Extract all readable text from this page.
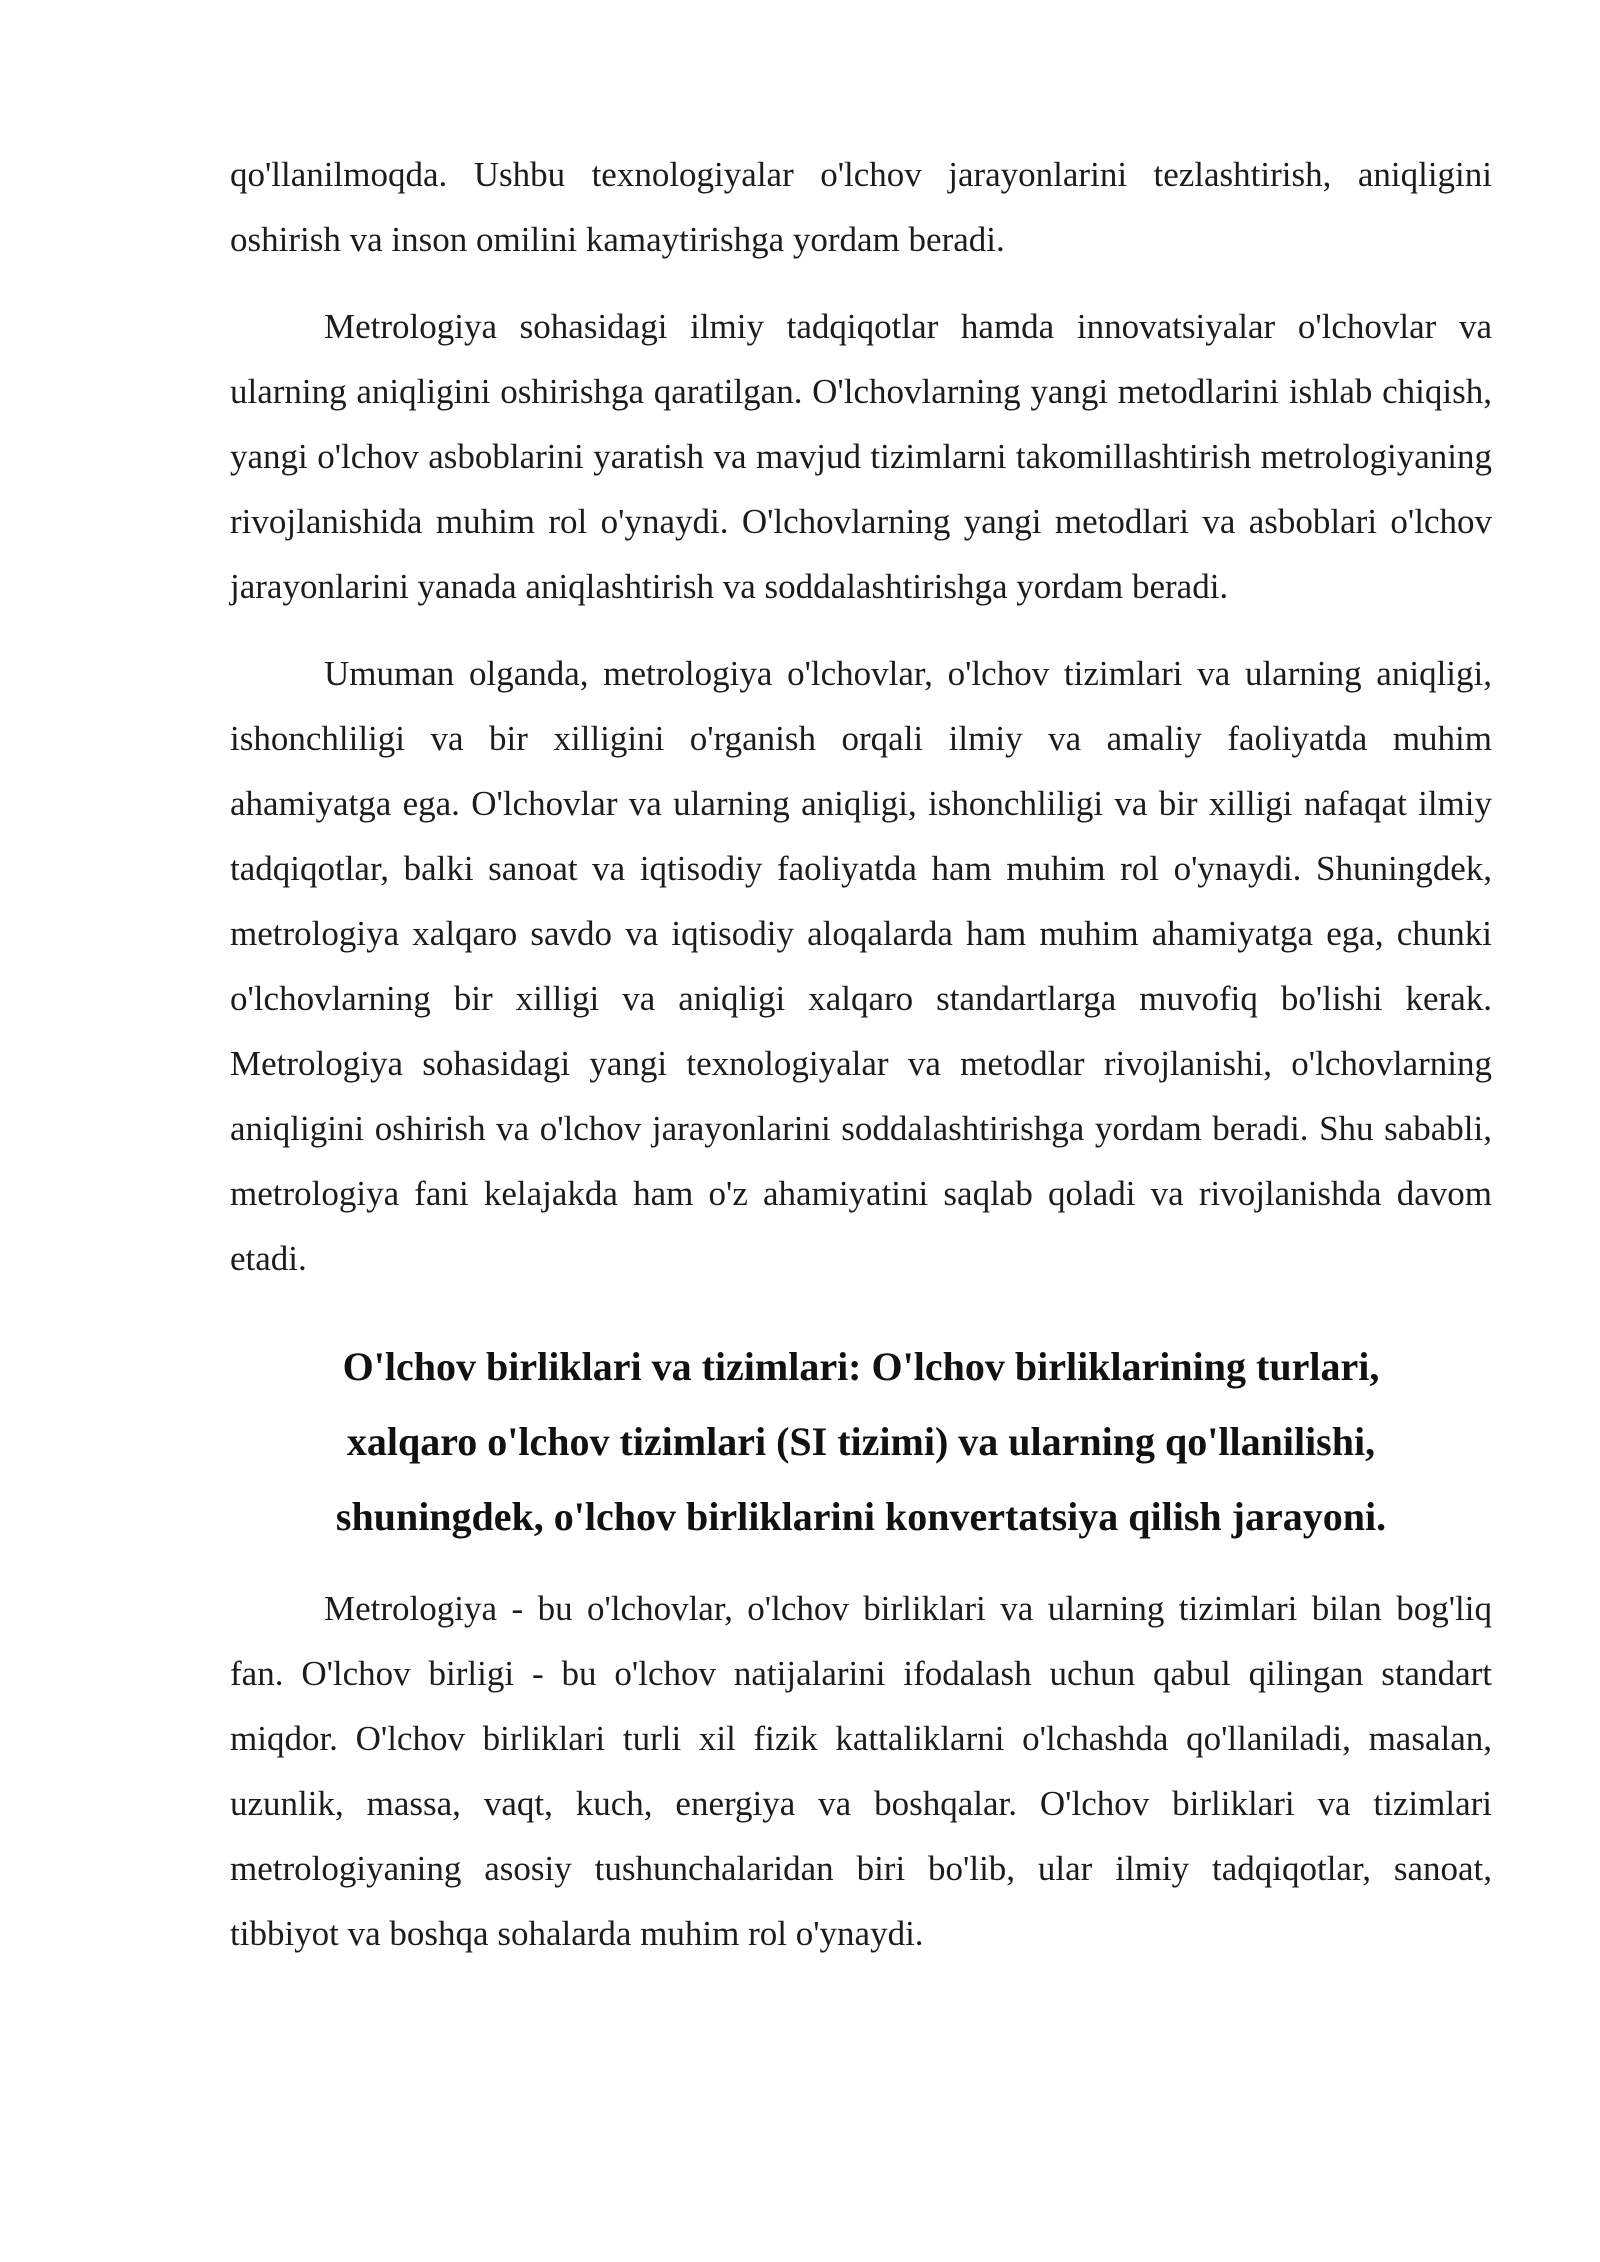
qo'llanilmoqda. Ushbu texnologiyalar o'lchov jarayonlarini tezlashtirish, aniqligini oshirish va inson omilini kamaytirishga yordam beradi.

Metrologiya sohasidagi ilmiy tadqiqotlar hamda innovatsiyalar o'lchovlar va ularning aniqligini oshirishga qaratilgan. O'lchovlarning yangi metodlarini ishlab chiqish, yangi o'lchov asboblarini yaratish va mavjud tizimlarni takomillashtirish metrologiyaning rivojlanishida muhim rol o'ynaydi. O'lchovlarning yangi metodlari va asboblari o'lchov jarayonlarini yanada aniqlashtirish va soddalashtirishga yordam beradi.

Umuman olganda, metrologiya o'lchovlar, o'lchov tizimlari va ularning aniqligi, ishonchliligi va bir xilligini o'rganish orqali ilmiy va amaliy faoliyatda muhim ahamiyatga ega. O'lchovlar va ularning aniqligi, ishonchliligi va bir xilligi nafaqat ilmiy tadqiqotlar, balki sanoat va iqtisodiy faoliyatda ham muhim rol o'ynaydi. Shuningdek, metrologiya xalqaro savdo va iqtisodiy aloqalarda ham muhim ahamiyatga ega, chunki o'lchovlarning bir xilligi va aniqligi xalqaro standartlarga muvofiq bo'lishi kerak. Metrologiya sohasidagi yangi texnologiyalar va metodlar rivojlanishi, o'lchovlarning aniqligini oshirish va o'lchov jarayonlarini soddalashtirishga yordam beradi. Shu sababli, metrologiya fani kelajakda ham o'z ahamiyatini saqlab qoladi va rivojlanishda davom etadi.

O'lchov birliklari va tizimlari: O'lchov birliklarining turlari,
xalqaro o'lchov tizimlari (SI tizimi) va ularning qo'llanilishi,
shuningdek, o'lchov birliklarini konvertatsiya qilish jarayoni.

Metrologiya - bu o'lchovlar, o'lchov birliklari va ularning tizimlari bilan bog'liq fan. O'lchov birligi - bu o'lchov natijalarini ifodalash uchun qabul qilingan standart miqdor. O'lchov birliklari turli xil fizik kattaliklarni o'lchashda qo'llaniladi, masalan, uzunlik, massa, vaqt, kuch, energiya va boshqalar. O'lchov birliklari va tizimlari metrologiyaning asosiy tushunchalaridan biri bo'lib, ular ilmiy tadqiqotlar, sanoat, tibbiyot va boshqa sohalarda muhim rol o'ynaydi.
